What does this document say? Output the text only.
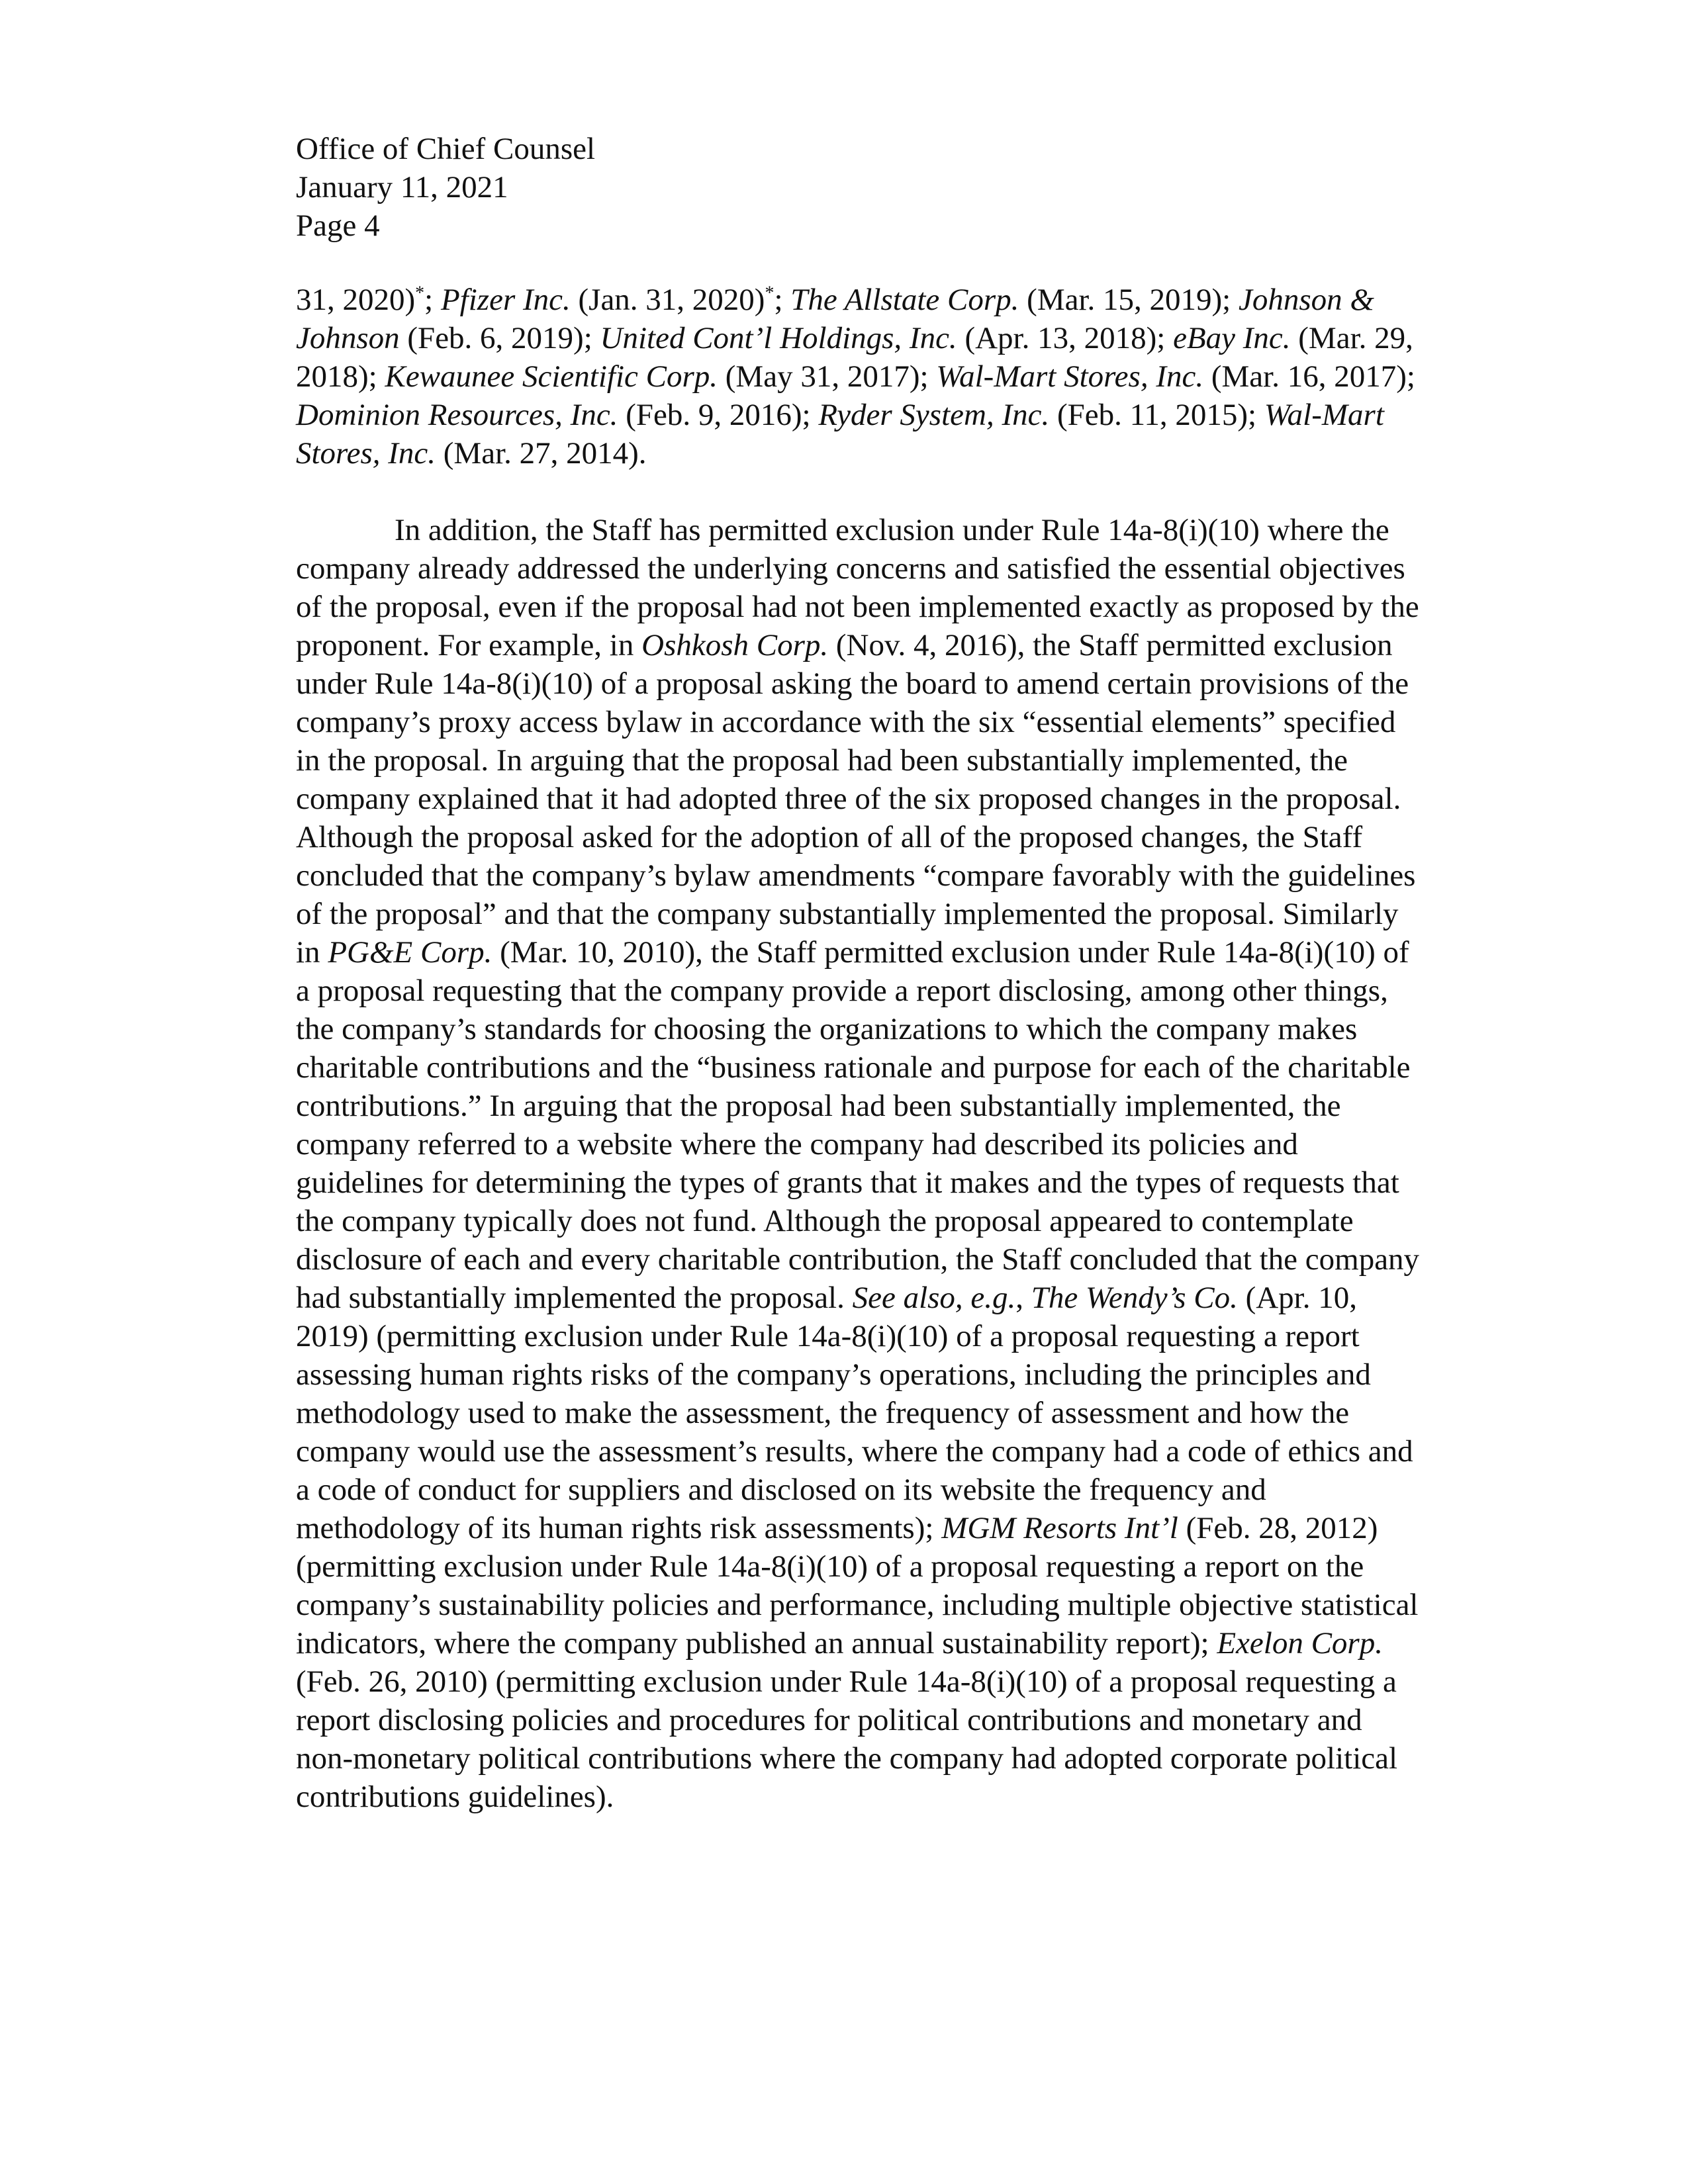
Office of Chief Counsel
January 11, 2021
Page 4

31, 2020)*; Pfizer Inc. (Jan. 31, 2020)*; The Allstate Corp. (Mar. 15, 2019); Johnson & Johnson (Feb. 6, 2019); United Cont’l Holdings, Inc. (Apr. 13, 2018); eBay Inc. (Mar. 29, 2018); Kewaunee Scientific Corp. (May 31, 2017); Wal-Mart Stores, Inc. (Mar. 16, 2017); Dominion Resources, Inc. (Feb. 9, 2016); Ryder System, Inc. (Feb. 11, 2015); Wal-Mart Stores, Inc. (Mar. 27, 2014).

In addition, the Staff has permitted exclusion under Rule 14a-8(i)(10) where the company already addressed the underlying concerns and satisfied the essential objectives of the proposal, even if the proposal had not been implemented exactly as proposed by the proponent. For example, in Oshkosh Corp. (Nov. 4, 2016), the Staff permitted exclusion under Rule 14a-8(i)(10) of a proposal asking the board to amend certain provisions of the company’s proxy access bylaw in accordance with the six “essential elements” specified in the proposal. In arguing that the proposal had been substantially implemented, the company explained that it had adopted three of the six proposed changes in the proposal. Although the proposal asked for the adoption of all of the proposed changes, the Staff concluded that the company’s bylaw amendments “compare favorably with the guidelines of the proposal” and that the company substantially implemented the proposal. Similarly in PG&E Corp. (Mar. 10, 2010), the Staff permitted exclusion under Rule 14a-8(i)(10) of a proposal requesting that the company provide a report disclosing, among other things, the company’s standards for choosing the organizations to which the company makes charitable contributions and the “business rationale and purpose for each of the charitable contributions.” In arguing that the proposal had been substantially implemented, the company referred to a website where the company had described its policies and guidelines for determining the types of grants that it makes and the types of requests that the company typically does not fund. Although the proposal appeared to contemplate disclosure of each and every charitable contribution, the Staff concluded that the company had substantially implemented the proposal. See also, e.g., The Wendy’s Co. (Apr. 10, 2019) (permitting exclusion under Rule 14a-8(i)(10) of a proposal requesting a report assessing human rights risks of the company’s operations, including the principles and methodology used to make the assessment, the frequency of assessment and how the company would use the assessment’s results, where the company had a code of ethics and a code of conduct for suppliers and disclosed on its website the frequency and methodology of its human rights risk assessments); MGM Resorts Int’l (Feb. 28, 2012) (permitting exclusion under Rule 14a-8(i)(10) of a proposal requesting a report on the company’s sustainability policies and performance, including multiple objective statistical indicators, where the company published an annual sustainability report); Exelon Corp. (Feb. 26, 2010) (permitting exclusion under Rule 14a-8(i)(10) of a proposal requesting a report disclosing policies and procedures for political contributions and monetary and non-monetary political contributions where the company had adopted corporate political contributions guidelines).
